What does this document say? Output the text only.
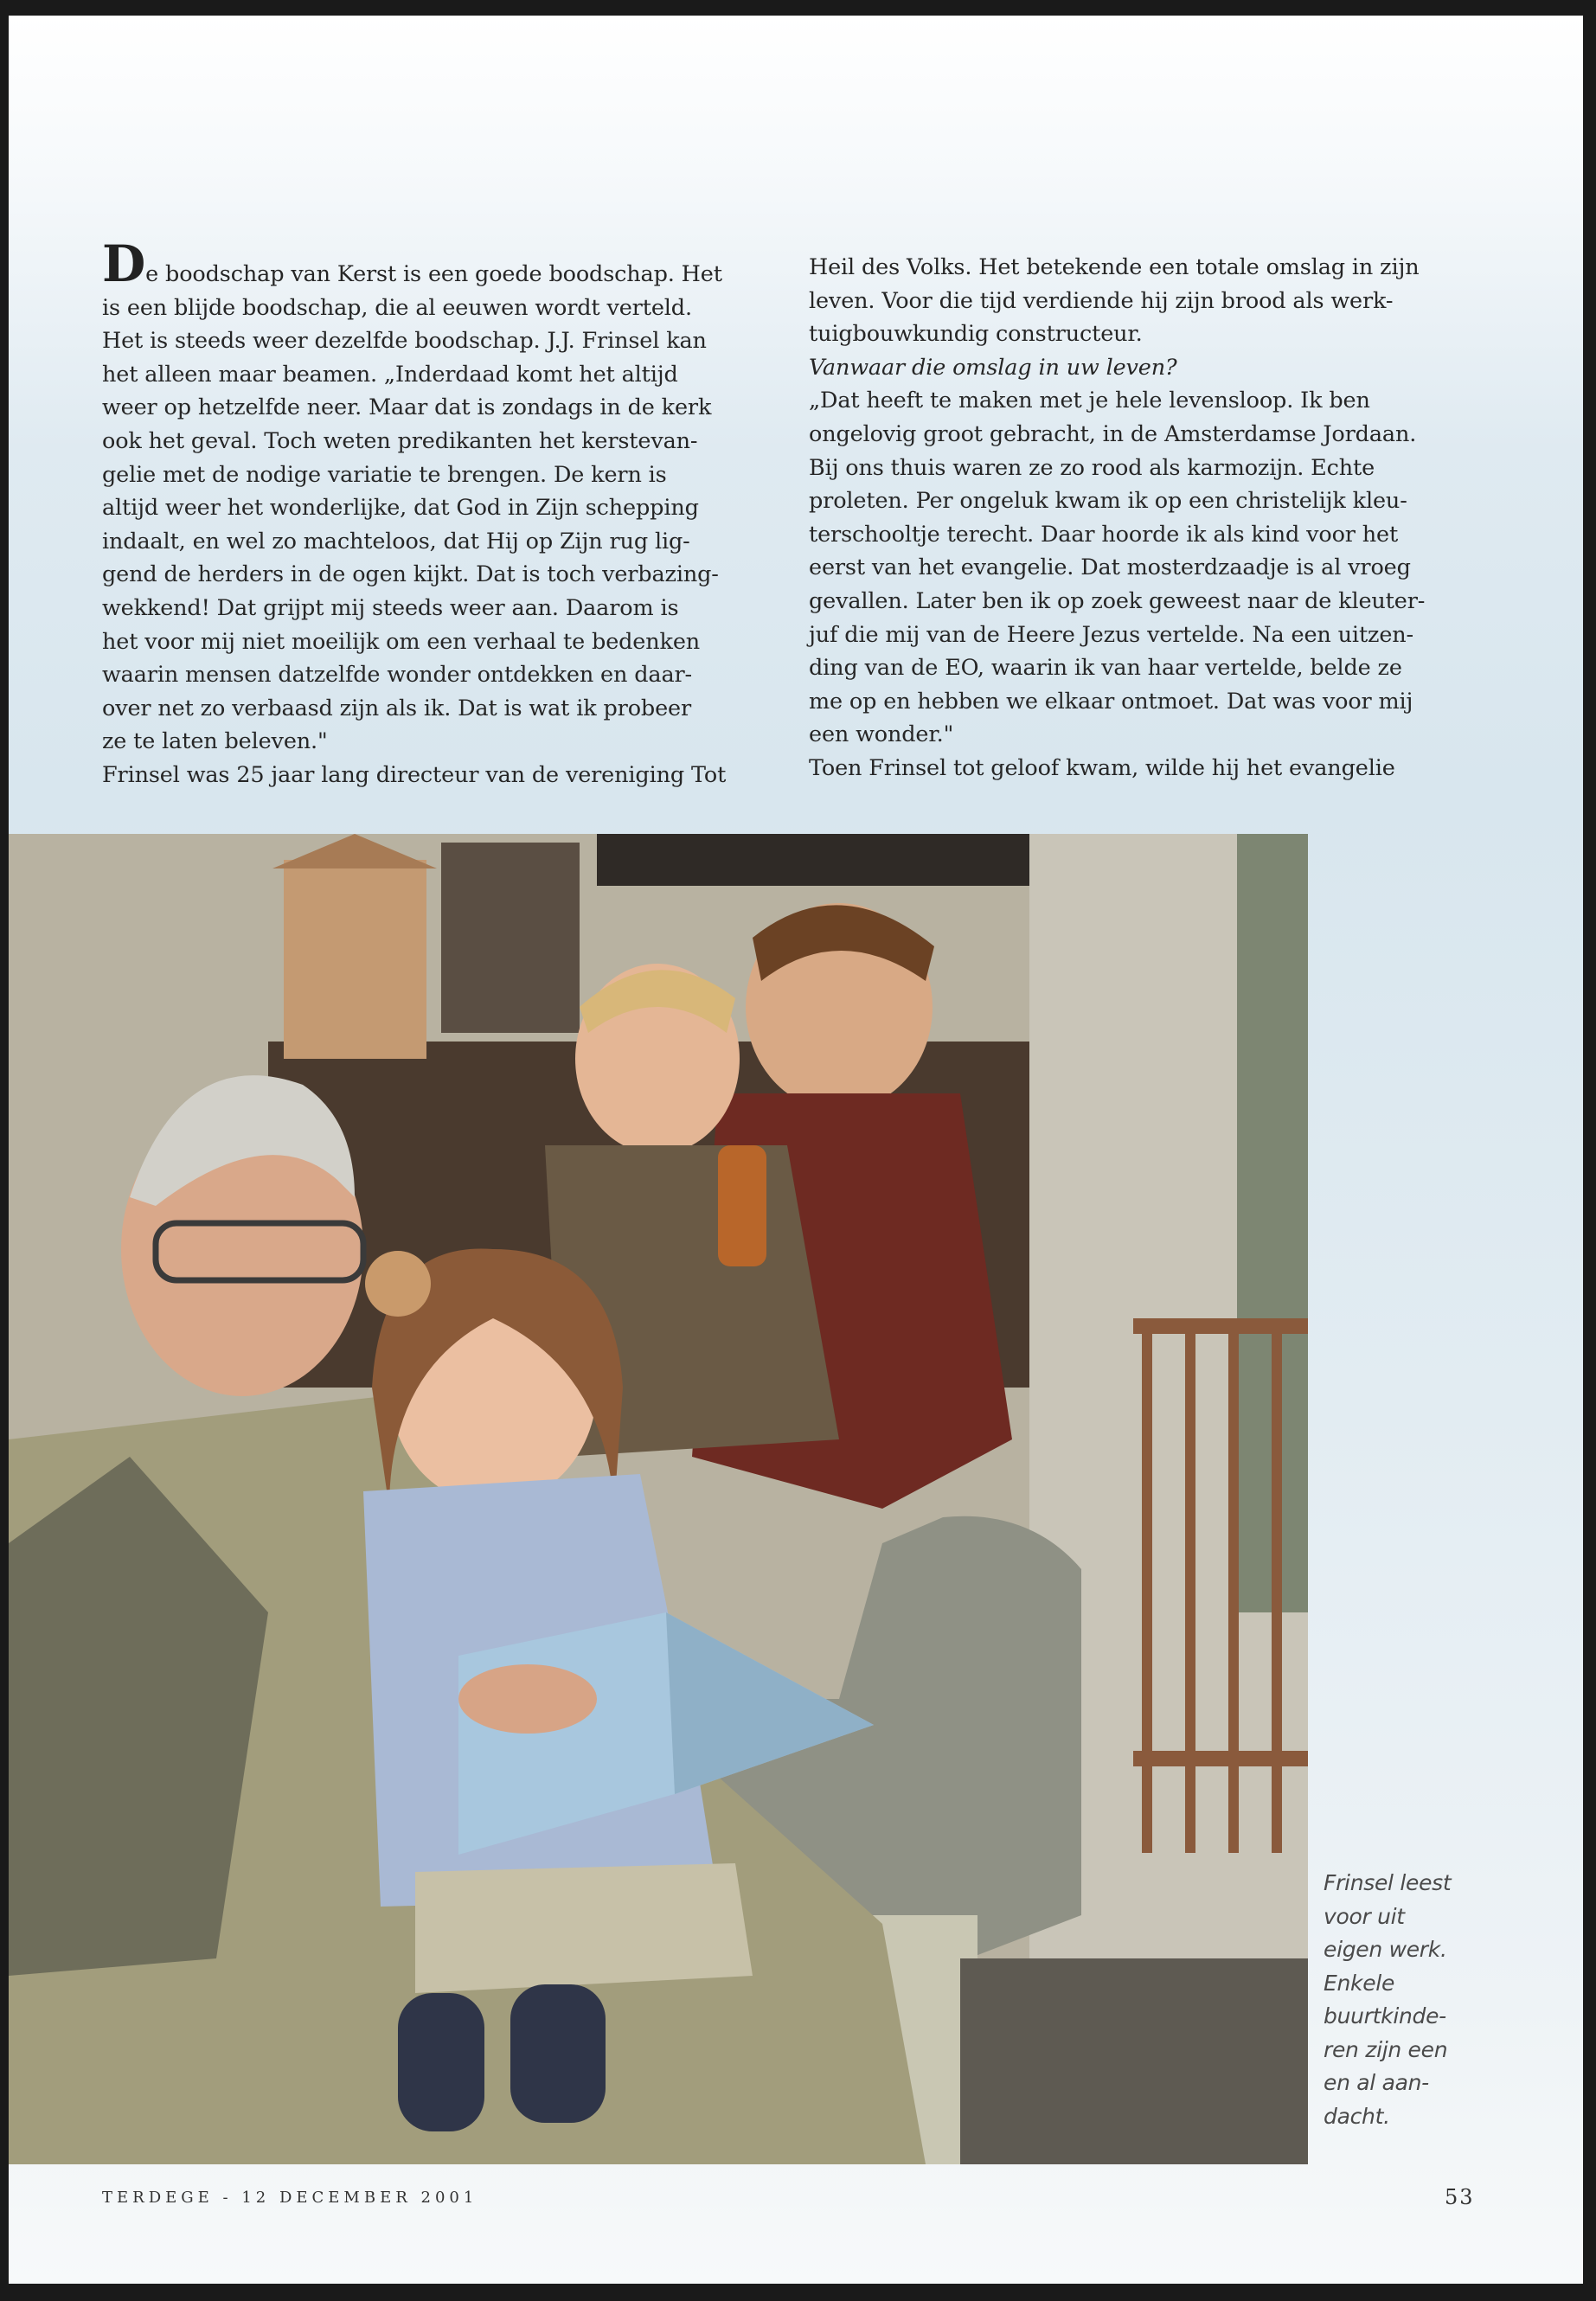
De boodschap van Kerst is een goede boodschap. Het

is een blijde boodschap, die al eeuwen wordt verteld.

Het is steeds weer dezelfde boodschap. J.J. Frinsel kan

het alleen maar beamen. „Inderdaad komt het altijd

weer op hetzelfde neer. Maar dat is zondags in de kerk

ook het geval. Toch weten predikanten het kerstevan-

gelie met de nodige variatie te brengen. De kern is

altijd weer het wonderlijke, dat God in Zijn schepping

indaalt, en wel zo machteloos, dat Hij op Zijn rug lig-

gend de herders in de ogen kijkt. Dat is toch verbazing-

wekkend! Dat grijpt mij steeds weer aan. Daarom is

het voor mij niet moeilijk om een verhaal te bedenken

waarin mensen datzelfde wonder ontdekken en daar-

over net zo verbaasd zijn als ik. Dat is wat ik probeer

ze te laten beleven."

Frinsel was 25 jaar lang directeur van de vereniging Tot

Heil des Volks. Het betekende een totale omslag in zijn

leven. Voor die tijd verdiende hij zijn brood als werk-

tuigbouwkundig constructeur.

Vanwaar die omslag in uw leven?

„Dat heeft te maken met je hele levensloop. Ik ben

ongelovig groot gebracht, in de Amsterdamse Jordaan.

Bij ons thuis waren ze zo rood als karmozijn. Echte

proleten. Per ongeluk kwam ik op een christelijk kleu-

terschooltje terecht. Daar hoorde ik als kind voor het

eerst van het evangelie. Dat mosterdzaadje is al vroeg

gevallen. Later ben ik op zoek geweest naar de kleuter-

juf die mij van de Heere Jezus vertelde. Na een uitzen-

ding van de EO, waarin ik van haar vertelde, belde ze

me op en hebben we elkaar ontmoet. Dat was voor mij

een wonder."

Toen Frinsel tot geloof kwam, wilde hij het evangelie

Frinsel leest
voor uit
eigen werk.
Enkele
buurtkinde-
ren zijn een
en al aan-
dacht.
TERDEGE - 12 DECEMBER 2001	53
